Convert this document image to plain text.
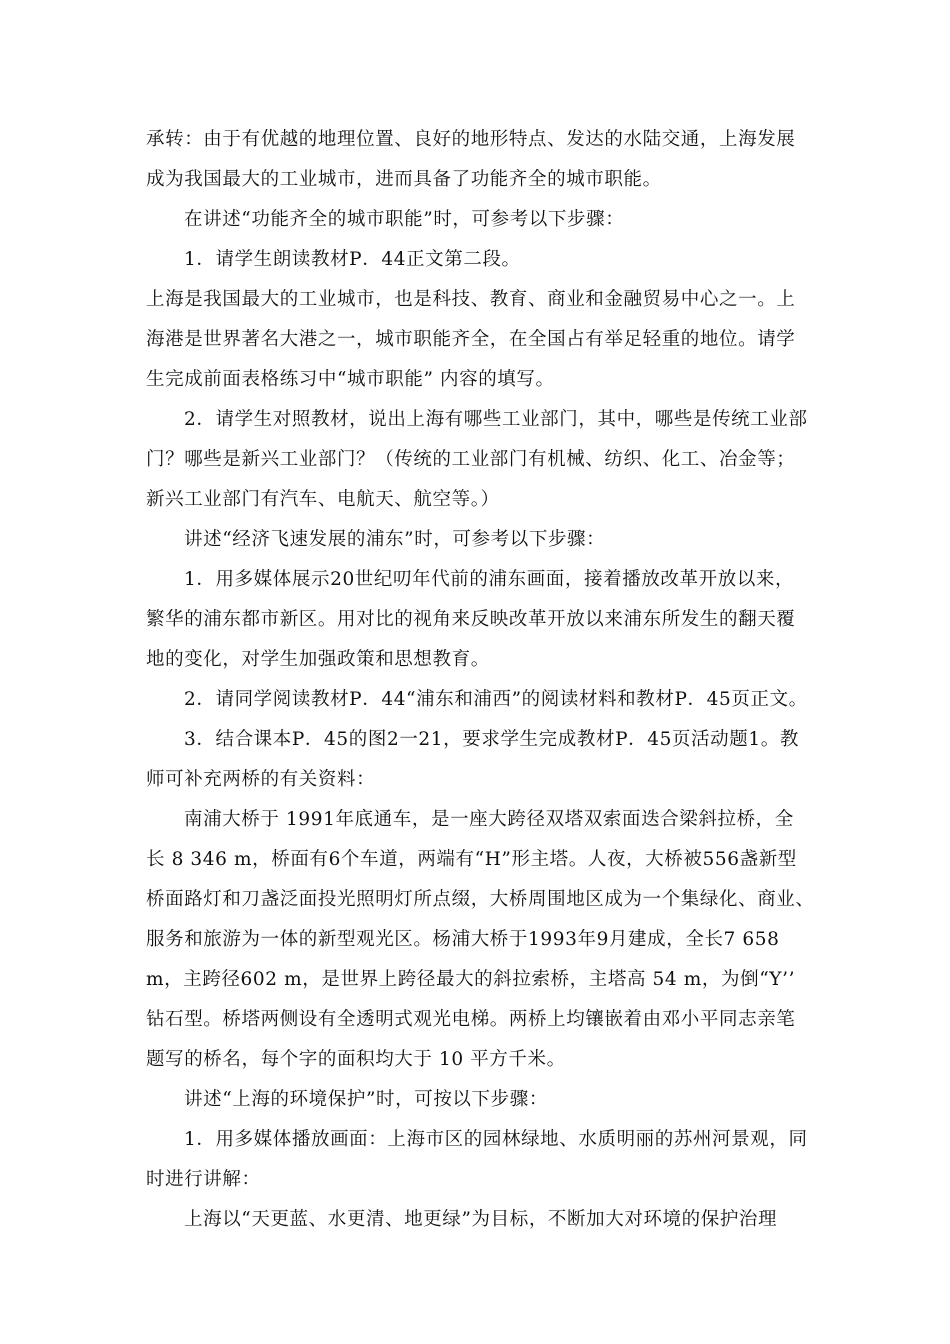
承转：由于有优越的地理位置、良好的地形特点、发达的水陆交通，上海发展
成为我国最大的工业城市，进而具备了功能齐全的城市职能。
在讲述“功能齐全的城市职能”时，可参考以下步骤：
1．请学生朗读教材P．44正文第二段。
上海是我国最大的工业城市，也是科技、教育、商业和金融贸易中心之一。上
海港是世界著名大港之一，城市职能齐全，在全国占有举足轻重的地位。请学
生完成前面表格练习中“城市职能” 内容的填写。
2．请学生对照教材，说出上海有哪些工业部门，其中，哪些是传统工业部
门？哪些是新兴工业部门？（传统的工业部门有机械、纺织、化工、冶金等；
新兴工业部门有汽车、电航天、航空等。）
讲述“经济飞速发展的浦东”时，可参考以下步骤：
1．用多媒体展示20世纪叨年代前的浦东画面，接着播放改革开放以来，
繁华的浦东都市新区。用对比的视角来反映改革开放以来浦东所发生的翻天覆
地的变化，对学生加强政策和思想教育。
2．请同学阅读教材P．44“浦东和浦西”的阅读材料和教材P．45页正文。
3．结合课本P．45的图2一21，要求学生完成教材P．45页活动题1。教
师可补充两桥的有关资料：
南浦大桥于 1991年底通车，是一座大跨径双塔双索面迭合梁斜拉桥，全
长 8 346 m，桥面有6个车道，两端有“H”形主塔。人夜，大桥被556盏新型
桥面路灯和刀盏泛面投光照明灯所点缀，大桥周围地区成为一个集绿化、商业、
服务和旅游为一体的新型观光区。杨浦大桥于1993年9月建成，全长7 658
m，主跨径602 m，是世界上跨径最大的斜拉索桥，主塔高 54 m，为倒“Y’’
钻石型。桥塔两侧设有全透明式观光电梯。两桥上均镶嵌着由邓小平同志亲笔
题写的桥名，每个字的面积均大于 10 平方千米。
讲述“上海的环境保护”时，可按以下步骤：
1．用多媒体播放画面：上海市区的园林绿地、水质明丽的苏州河景观，同
时进行讲解：
上海以“天更蓝、水更清、地更绿”为目标，不断加大对环境的保护治理
